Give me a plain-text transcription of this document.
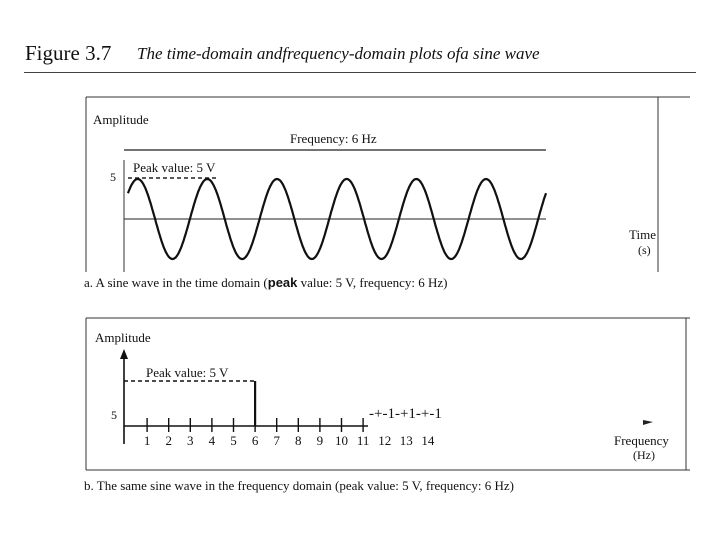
Figure 3.7 The time-domain andfrequency-domain plots ofa sine wave
Amplitude
Frequency: 6 Hz
Peak value: 5 V
5
Time
(s)
a. A sine wave in the time domain (peak value: 5 V, frequency: 6 Hz)
Amplitude
Peak value: 5 V
5	-+-1-+1-+-1
1 2 3 4 5 6 7 8 9 10 11 12 13 14	Frequency
(Hz)
b. The same sine wave in the frequency domain (peak value: 5 V, frequency: 6 Hz)
